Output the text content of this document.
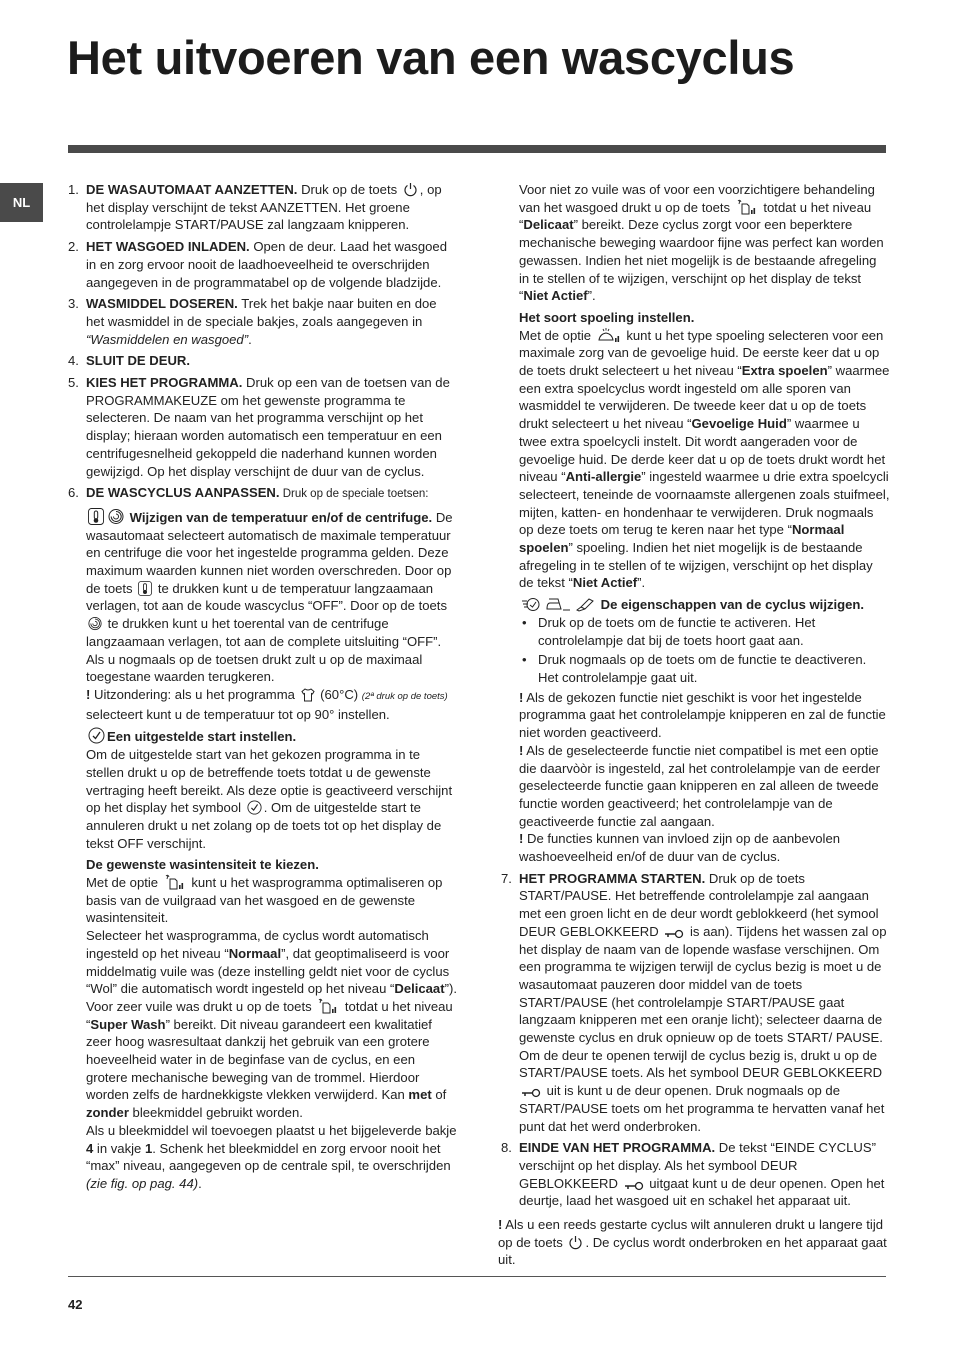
Het uitvoeren van een wascyclus
NL
1. DE WASAUTOMAAT AANZETTEN. Druk op de toets
, op het display verschijnt de tekst AANZETTEN. Het groene controlelampje START/PAUSE zal langzaam knipperen.
2. HET WASGOED INLADEN. Open de deur. Laad het wasgoed in en zorg ervoor nooit de laadhoeveelheid te overschrijden aangegeven in de programmatabel op de volgende bladzijde.
3. WASMIDDEL DOSEREN. Trek het bakje naar buiten en doe het wasmiddel in de speciale bakjes, zoals aangegeven in “Wasmiddelen en wasgoed”.
4. SLUIT DE DEUR.
5. KIES HET PROGRAMMA. Druk op een van de toetsen van de PROGRAMMAKEUZE om het gewenste programma te selecteren. De naam van het programma verschijnt op het display; hieraan worden automatisch een temperatuur en een centrifugesnelheid gekoppeld die naderhand kunnen worden gewijzigd. Op het display verschijnt de duur van de cyclus.
6. DE WASCYCLUS AANPASSEN. Druk op de speciale toetsen:
Wijzigen van de temperatuur en/of de centrifuge. De wasautomaat selecteert automatisch de maximale temperatuur en centrifuge die voor het ingestelde programma gelden. Deze maximum waarden kunnen niet worden overschreden. Door op de toets
te drukken kunt u de temperatuur langzaamaan verlagen, tot aan de koude wascyclus “OFF”. Door op de toets
te drukken kunt u het toerental van de centrifuge langzaamaan verlagen, tot aan de complete uitsluiting “OFF”. Als u nogmaals op de toetsen drukt zult u op de maximaal toegestane waarden terugkeren.
! Uitzondering: als u het programma
(60°C) (2ª druk op de toets) selecteert kunt u de temperatuur tot op 90° instellen.
Een uitgestelde start instellen.
Om de uitgestelde start van het gekozen programma in te stellen drukt u op de betreffende toets totdat u de gewenste vertraging heeft bereikt. Als deze optie is geactiveerd verschijnt op het display het symbool
. Om de uitgestelde start te annuleren drukt u net zolang op de toets tot op het display de tekst OFF verschijnt.
De gewenste wasintensiteit te kiezen.
Met de optie
kunt u het wasprogramma optimaliseren op basis van de vuilgraad van het wasgoed en de gewenste wasintensiteit.
Selecteer het wasprogramma, de cyclus wordt automatisch ingesteld op het niveau “Normaal”, dat geoptimaliseerd is voor middelmatig vuile was (deze instelling geldt niet voor de cyclus “Wol” die automatisch wordt ingesteld op het niveau “Delicaat”).
Voor zeer vuile was drukt u op de toets
totdat u het niveau “Super Wash” bereikt. Dit niveau garandeert een kwalitatief zeer hoog wasresultaat dankzij het gebruik van een grotere hoeveelheid water in de beginfase van de cyclus, en een grotere mechanische beweging van de trommel. Hierdoor worden zelfs de hardnekkigste vlekken verwijderd. Kan met of zonder bleekmiddel gebruikt worden.
Als u bleekmiddel wil toevoegen plaatst u het bijgeleverde bakje 4 in vakje 1. Schenk het bleekmiddel en zorg ervoor nooit het “max” niveau, aangegeven op de centrale spil, te overschrijden (zie fig. op pag. 44).

Voor niet zo vuile was of voor een voorzichtigere behandeling van het wasgoed drukt u op de toets
totdat u het niveau “Delicaat” bereikt. Deze cyclus zorgt voor een beperktere mechanische beweging waardoor fijne was perfect kan worden gewassen. Indien het niet mogelijk is de bestaande afregeling in te stellen of te wijzigen, verschijnt op het display de tekst “Niet Actief”.

Het soort spoeling instellen.
Met de optie
kunt u het type spoeling selecteren voor een maximale zorg van de gevoelige huid. De eerste keer dat u op de toets drukt selecteert u het niveau “Extra spoelen” waarmee een extra spoelcyclus wordt ingesteld om alle sporen van wasmiddel te verwijderen. De tweede keer dat u op de toets drukt selecteert u het niveau “Gevoelige Huid” waarmee u twee extra spoelcycli instelt. Dit wordt aangeraden voor de gevoelige huid. De derde keer dat u op de toets drukt wordt het niveau “Anti-allergie” ingesteld waarmee u drie extra spoelcycli selecteert, teneinde de voornaamste allergenen zoals stuifmeel, mijten, katten- en hondenhaar te verwijderen. Druk nogmaals op deze toets om terug te keren naar het type “Normaal spoelen” spoeling. Indien het niet mogelijk is de bestaande afregeling in te stellen of te wijzigen, verschijnt op het display de tekst “Niet Actief”.

De eigenschappen van de cyclus wijzigen.
• Druk op de toets om de functie te activeren. Het controlelampje dat bij de toets hoort gaat aan.
• Druk nogmaals op de toets om de functie te deactiveren. Het controlelampje gaat uit.
! Als de gekozen functie niet geschikt is voor het ingestelde programma gaat het controlelampje knipperen en zal de functie niet worden geactiveerd.
! Als de geselecteerde functie niet compatibel is met een optie die daarvòòr is ingesteld, zal het controlelampje van de eerder geselecteerde functie gaan knipperen en zal alleen de tweede functie worden geactiveerd; het controlelampje van de geactiveerde functie zal aangaan.
! De functies kunnen van invloed zijn op de aanbevolen washoeveelheid en/of de duur van de cyclus.
7. HET PROGRAMMA STARTEN. Druk op de toets START/PAUSE. Het betreffende controlelampje zal aangaan met een groen licht en de deur wordt geblokkeerd (het symool DEUR GEBLOKKEERD
is aan). Tijdens het wassen zal op het display de naam van de lopende wasfase verschijnen. Om een programma te wijzigen terwijl de cyclus bezig is moet u de wasautomaat pauzeren door middel van de toets START/PAUSE (het controlelampje START/PAUSE gaat langzaam knipperen met een oranje licht); selecteer daarna de gewenste cyclus en druk opnieuw op de toets START/ PAUSE. Om de deur te openen terwijl de cyclus bezig is, drukt u op de START/PAUSE toets. Als het symbool DEUR GEBLOKKEERD
uit is kunt u de deur openen. Druk nogmaals op de START/PAUSE toets om het programma te hervatten vanaf het punt dat het werd onderbroken.
8. EINDE VAN HET PROGRAMMA. De tekst “EINDE CYCLUS” verschijnt op het display. Als het symbool DEUR GEBLOKKEERD
uitgaat kunt u de deur openen. Open het deurtje, laad het wasgoed uit en schakel het apparaat uit.
! Als u een reeds gestarte cyclus wilt annuleren drukt u langere tijd op de toets
. De cyclus wordt onderbroken en het apparaat gaat uit.
42
